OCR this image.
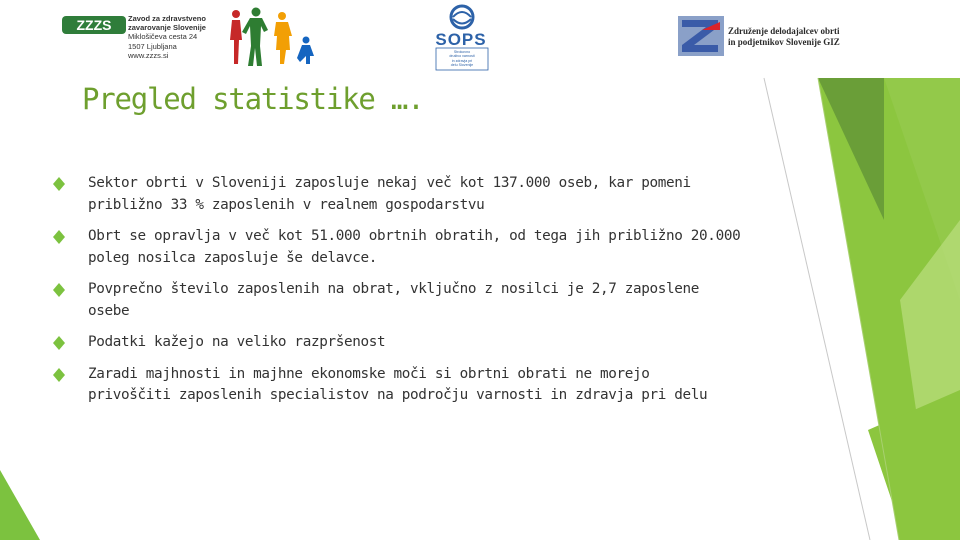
ZZZS Zavod za zdravstveno
zavarovanje Slovenije
Miklošičeva cesta 24
1507 Ljubljana
www.zzzs.si
SOPS
Strokovno
društvo varnosti
in zdravja pri
delu Slovenije
Združenje delodajalcev obrti
in podjetnikov Slovenije GIZ
Pregled statistike ….
Sektor obrti v Sloveniji zaposluje nekaj več kot 137.000 oseb, kar pomeni
približno 33 % zaposlenih v realnem gospodarstvu
Obrt se opravlja v več kot 51.000 obrtnih obratih, od tega jih približno 20.000
poleg nosilca zaposluje še delavce.
Povprečno število zaposlenih na obrat, vključno z nosilci je 2,7 zaposlene
osebe
Podatki kažejo na veliko razpršenost
Zaradi majhnosti in majhne ekonomske moči si obrtni obrati ne morejo
privoščiti zaposlenih specialistov na področju varnosti in zdravja pri delu
